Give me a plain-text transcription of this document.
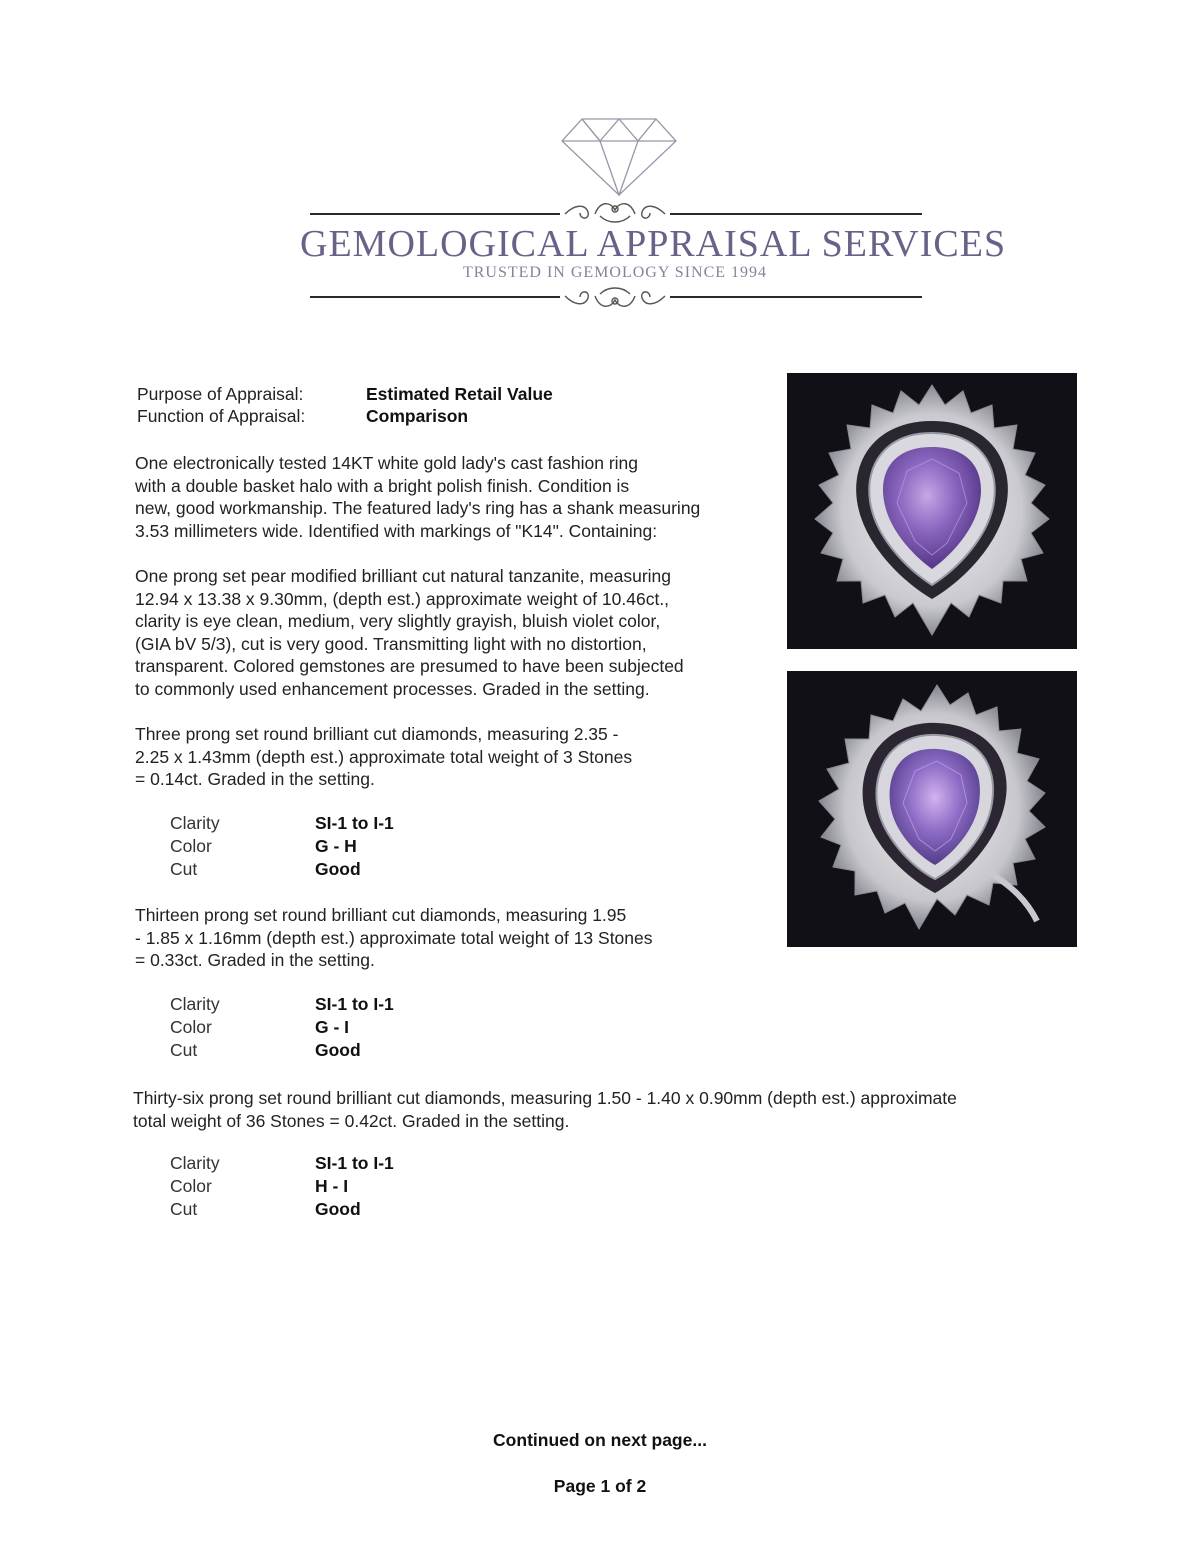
GEMOLOGICAL APPRAISAL SERVICES
TRUSTED IN GEMOLOGY SINCE 1994
Purpose of Appraisal:	Estimated Retail Value
Function of Appraisal:	Comparison
One electronically tested 14KT white gold lady's cast fashion ring
with a double basket halo with a bright polish finish. Condition is
new, good workmanship. The featured lady's ring has a shank measuring
3.53 millimeters wide. Identified with markings of "K14". Containing:
One prong set pear modified brilliant cut natural tanzanite, measuring
12.94 x 13.38 x 9.30mm, (depth est.) approximate weight of 10.46ct.,
clarity is eye clean, medium, very slightly grayish, bluish violet color,
(GIA bV 5/3), cut is very good. Transmitting light with no distortion,
transparent. Colored gemstones are presumed to have been subjected
to commonly used enhancement processes. Graded in the setting.
Three prong set round brilliant cut diamonds, measuring 2.35 -
2.25 x 1.43mm (depth est.) approximate total weight of 3 Stones
= 0.14ct. Graded in the setting.
Clarity
Color
Cut
SI-1 to I-1
G - H
Good
Thirteen prong set round brilliant cut diamonds, measuring 1.95
- 1.85 x 1.16mm (depth est.) approximate total weight of 13 Stones
= 0.33ct. Graded in the setting.
Clarity
Color
Cut
SI-1 to I-1
G - I
Good
Thirty-six prong set round brilliant cut diamonds, measuring 1.50 - 1.40 x 0.90mm (depth est.) approximate
total weight of 36 Stones = 0.42ct. Graded in the setting.
Clarity
Color
Cut
SI-1 to I-1
H - I
Good
Continued on next page...
Page 1 of 2
